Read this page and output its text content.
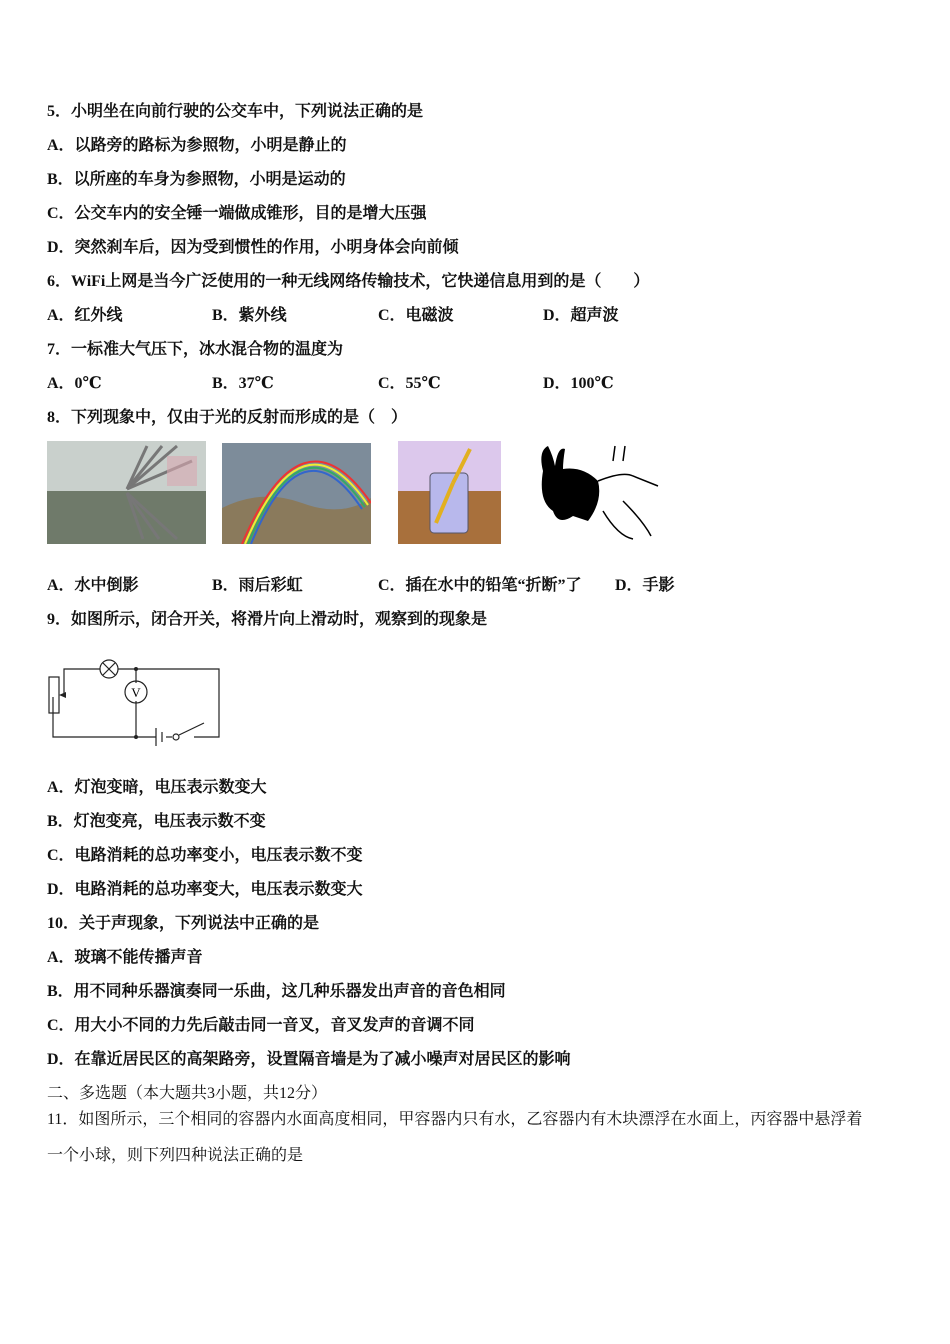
5．小明坐在向前行驶的公交车中，下列说法正确的是
A．以路旁的路标为参照物，小明是静止的
B．以所座的车身为参照物，小明是运动的
C．公交车内的安全锤一端做成锥形，目的是增大压强
D．突然刹车后，因为受到惯性的作用，小明身体会向前倾
6．WiFi上网是当今广泛使用的一种无线网络传输技术，它快递信息用到的是（　　）
A．红外线	B．紫外线	C．电磁波	D．超声波
7．一标准大气压下，冰水混合物的温度为
A．0℃	B．37℃	C．55℃	D．100℃
8．下列现象中，仅由于光的反射而形成的是（　）
A．水中倒影	B．雨后彩虹	C．插在水中的铅笔“折断”了 D．手影
9．如图所示，闭合开关，将滑片向上滑动时，观察到的现象是
V
A．灯泡变暗，电压表示数变大
B．灯泡变亮，电压表示数不变
C．电路消耗的总功率变小，电压表示数不变
D．电路消耗的总功率变大，电压表示数变大
10．关于声现象，下列说法中正确的是
A．玻璃不能传播声音
B．用不同种乐器演奏同一乐曲，这几种乐器发出声音的音色相同
C．用大小不同的力先后敲击同一音叉，音叉发声的音调不同
D．在靠近居民区的高架路旁，设置隔音墙是为了减小噪声对居民区的影响
二、多选题（本大题共3小题，共12分）
11．如图所示，三个相同的容器内水面高度相同，甲容器内只有水，乙容器内有木块漂浮在水面上，丙容器中悬浮着
一个小球，则下列四种说法正确的是
